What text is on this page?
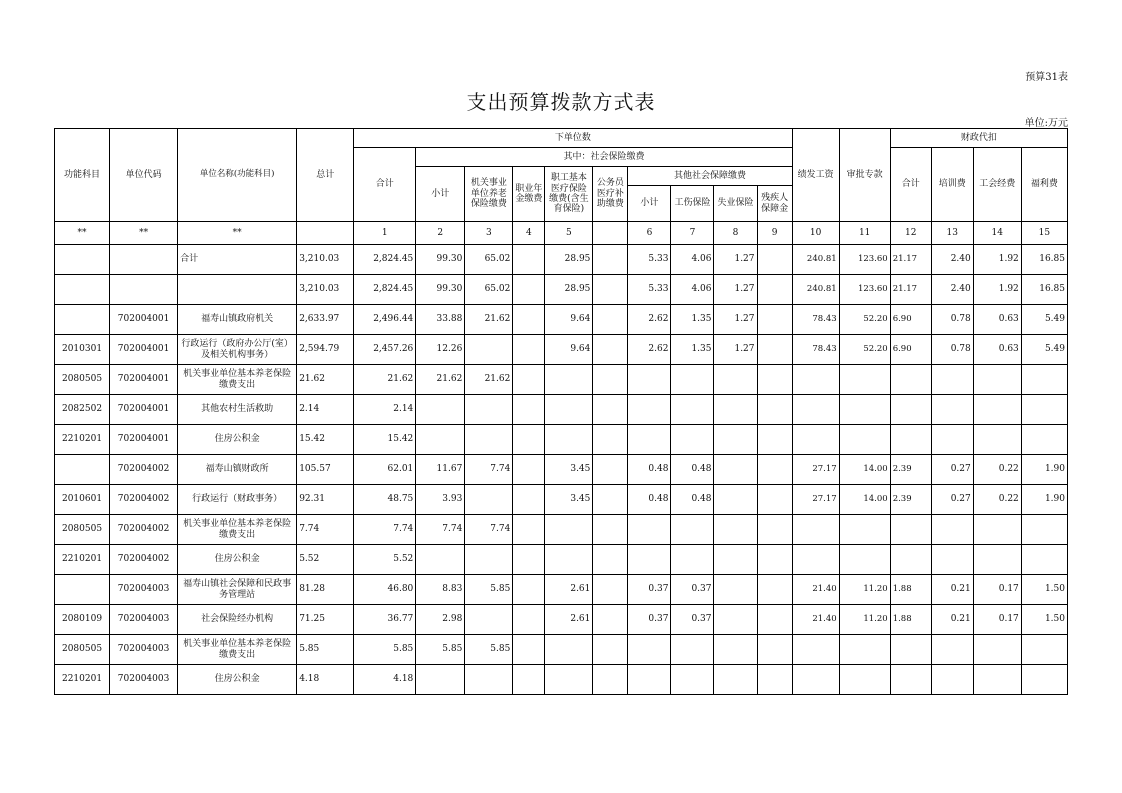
预算31表
支出预算拨款方式表
单位:万元
功能科目	单位代码	单位名称(功能科目)	总计	下单位数										绩发工资	审批专款	财政代扣			
				合计	其中：社会保险缴费											合计	培训费	工会经费	福利费
					小计	机关事业单位养老保险缴费	职业年金缴费	职工基本医疗保险缴费(含生育保险)	公务员医疗补助缴费	其他社会保障缴费									
										小计	工伤保险	失业保险	残疾人保障金						
**	**	**		1	2	3	4	5		6	7	8	9	10	11	12	13	14	15
		合计	3,210.03	2,824.45	99.30	65.02		28.95		5.33	4.06	1.27		240.81	123.60	21.17	2.40	1.92	16.85
			3,210.03	2,824.45	99.30	65.02		28.95		5.33	4.06	1.27		240.81	123.60	21.17	2.40	1.92	16.85
	702004001	福寿山镇政府机关	2,633.97	2,496.44	33.88	21.62		9.64		2.62	1.35	1.27		78.43	52.20	6.90	0.78	0.63	5.49
2010301	702004001	行政运行（政府办公厅(室）及相关机构事务）	2,594.79	2,457.26	12.26			9.64		2.62	1.35	1.27		78.43	52.20	6.90	0.78	0.63	5.49
2080505	702004001	机关事业单位基本养老保险缴费支出	21.62	21.62	21.62	21.62													
2082502	702004001	其他农村生活救助	2.14	2.14															
2210201	702004001	住房公积金	15.42	15.42															
	702004002	福寿山镇财政所	105.57	62.01	11.67	7.74		3.45		0.48	0.48			27.17	14.00	2.39	0.27	0.22	1.90
2010601	702004002	行政运行（财政事务）	92.31	48.75	3.93			3.45		0.48	0.48			27.17	14.00	2.39	0.27	0.22	1.90
2080505	702004002	机关事业单位基本养老保险缴费支出	7.74	7.74	7.74	7.74													
2210201	702004002	住房公积金	5.52	5.52															
	702004003	福寿山镇社会保障和民政事务管理站	81.28	46.80	8.83	5.85		2.61		0.37	0.37			21.40	11.20	1.88	0.21	0.17	1.50
2080109	702004003	社会保险经办机构	71.25	36.77	2.98			2.61		0.37	0.37			21.40	11.20	1.88	0.21	0.17	1.50
2080505	702004003	机关事业单位基本养老保险缴费支出	5.85	5.85	5.85	5.85													
2210201	702004003	住房公积金	4.18	4.18															
